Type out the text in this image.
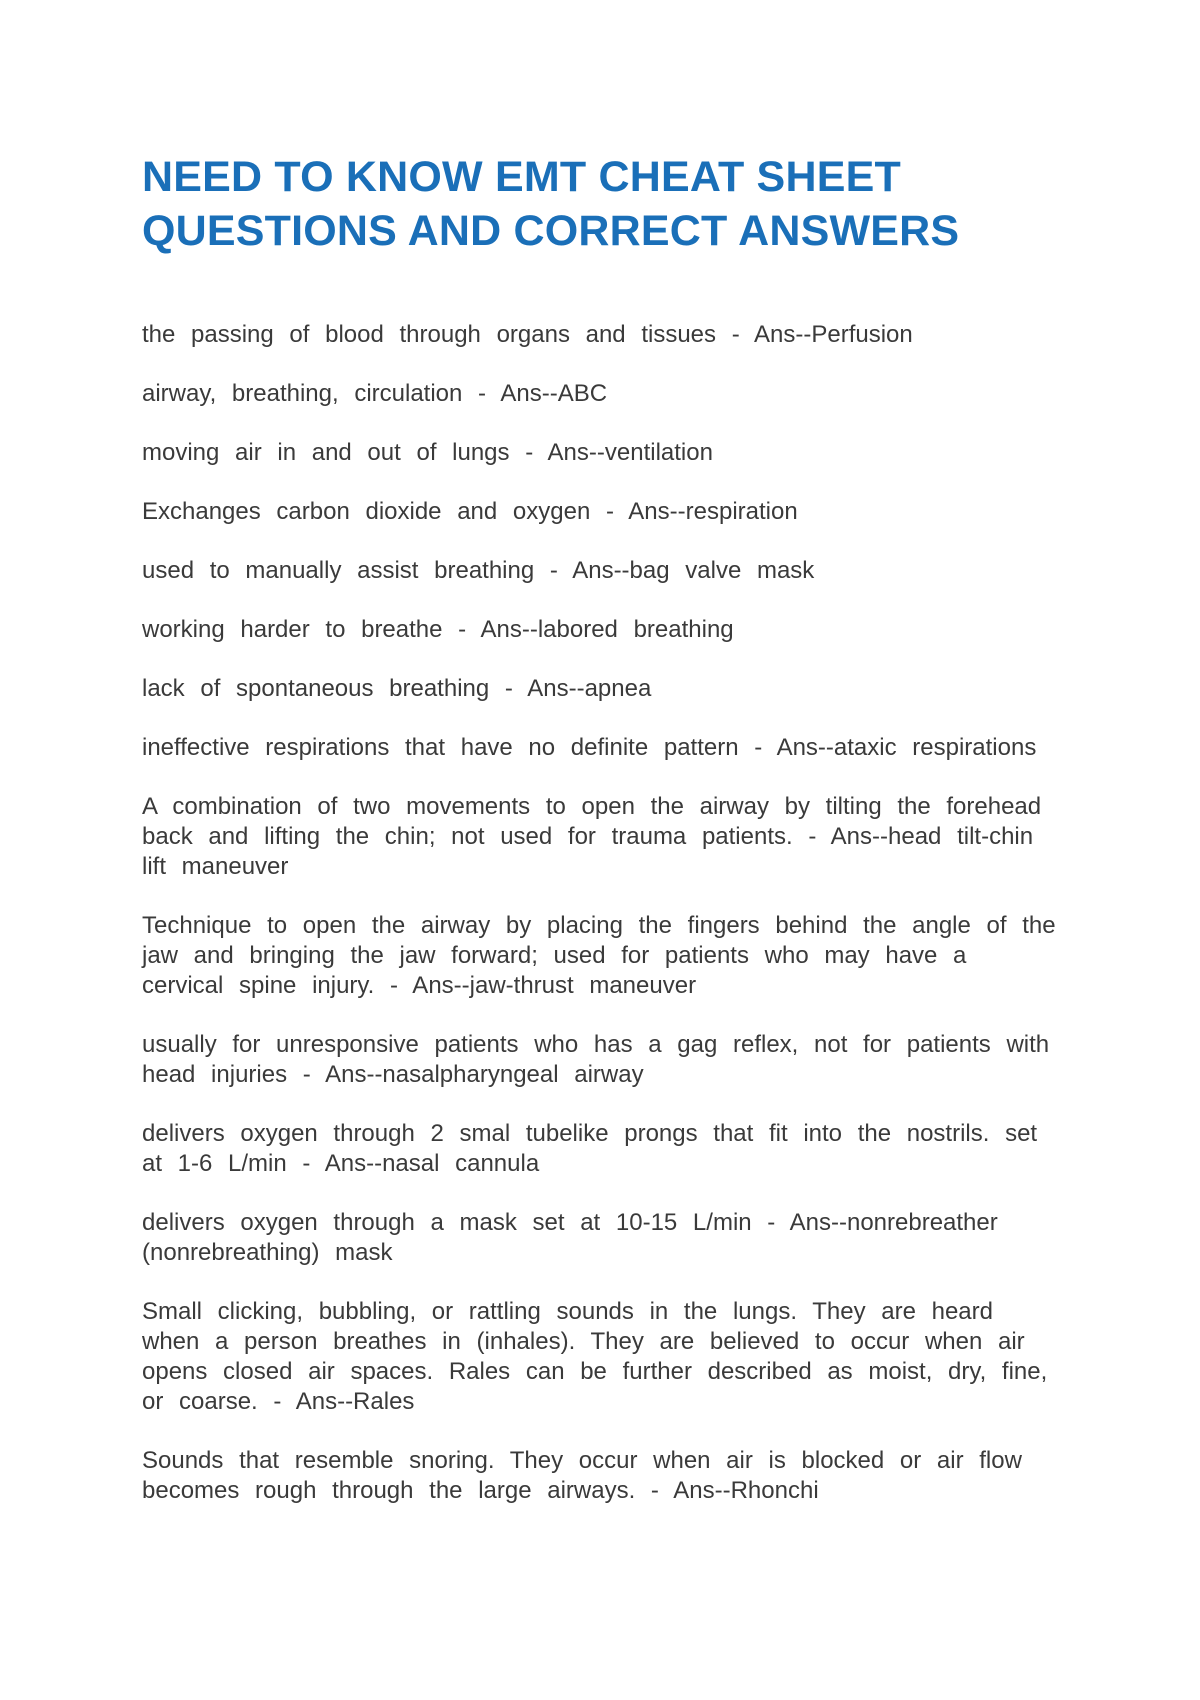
NEED TO KNOW EMT CHEAT SHEET
QUESTIONS AND CORRECT ANSWERS

the passing of blood through organs and tissues - Ans--Perfusion

airway, breathing, circulation - Ans--ABC

moving air in and out of lungs - Ans--ventilation

Exchanges carbon dioxide and oxygen - Ans--respiration

used to manually assist breathing - Ans--bag valve mask

working harder to breathe - Ans--labored breathing

lack of spontaneous breathing - Ans--apnea

ineffective respirations that have no definite pattern - Ans--ataxic respirations

A combination of two movements to open the airway by tilting the forehead back and lifting the chin; not used for trauma patients. - Ans--head tilt-chin lift maneuver

Technique to open the airway by placing the fingers behind the angle of the jaw and bringing the jaw forward; used for patients who may have a cervical spine injury. - Ans--jaw-thrust maneuver

usually for unresponsive patients who has a gag reflex, not for patients with head injuries - Ans--nasalpharyngeal airway

delivers oxygen through 2 smal tubelike prongs that fit into the nostrils. set at 1-6 L/min - Ans--nasal cannula

delivers oxygen through a mask set at 10-15 L/min - Ans--nonrebreather (nonrebreathing) mask

Small clicking, bubbling, or rattling sounds in the lungs. They are heard when a person breathes in (inhales). They are believed to occur when air opens closed air spaces. Rales can be further described as moist, dry, fine, or coarse. - Ans--Rales

Sounds that resemble snoring. They occur when air is blocked or air flow becomes rough through the large airways. - Ans--Rhonchi
